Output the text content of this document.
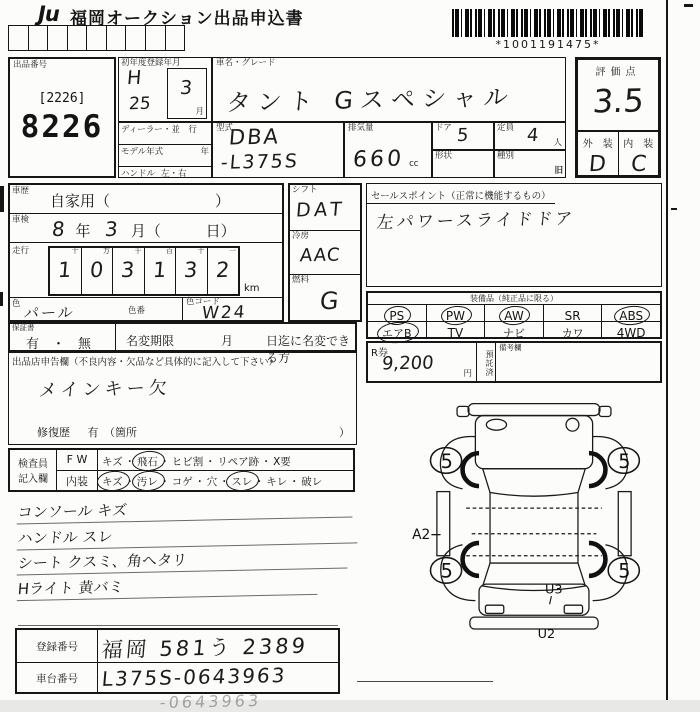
Ju 福岡オークション出品申込書
*1001191475*
出品番号
[2226]
8226
初年度登録年月
H
25
3
月
ディーラー・並　行
モデル年式	年
ハンドル 左・右
車名・グレード
タント Gスペシャル
型式
DBA
-L375S
排気量
660 cc
ドア 5	定員 4 人
形状	種別
旧
評価点
3.5
外　装	内　装
D	C
車歴
自家用（　　　　　　　）
車検 8 年 3 月（	日）
走行	十
1
万
0
千
3
百
1
十
3
一
2
km
色 パール	色番
色コード
W24
シフト
DAT
冷房
AAC
燃料
G
セールスポイント（正常に機能するもの）
左パワースライドドア
装備品（純正品に限る）
PS	PW	AW	SR	ABS
エアB	TV	ナビ	カワ	4WD
R券
9,200	円	預託済
備考欄
保証書
有　・　無	名変期限	月	日迄に名変できる方
出品店申告欄（不良内容・欠品など具体的に記入して下さい）
メインキー欠
修復歴 有　（箇所	）
検査員
記入欄
F W	キズ ・ 飛石 ・ ヒビ割 ・ リペア跡 ・ X要
内装	キズ ・ 汚レ ・ コゲ ・ 穴 ・ スレ ・ キレ ・ 破レ
コンソール キズ
ハンドル スレ
シート クスミ、角ヘタリ
Hライト 黄バミ
5	5
5	5
A2
U3
U2
登録番号	福岡 581う 2389
車台番号	L375S-0643963
-0643963
